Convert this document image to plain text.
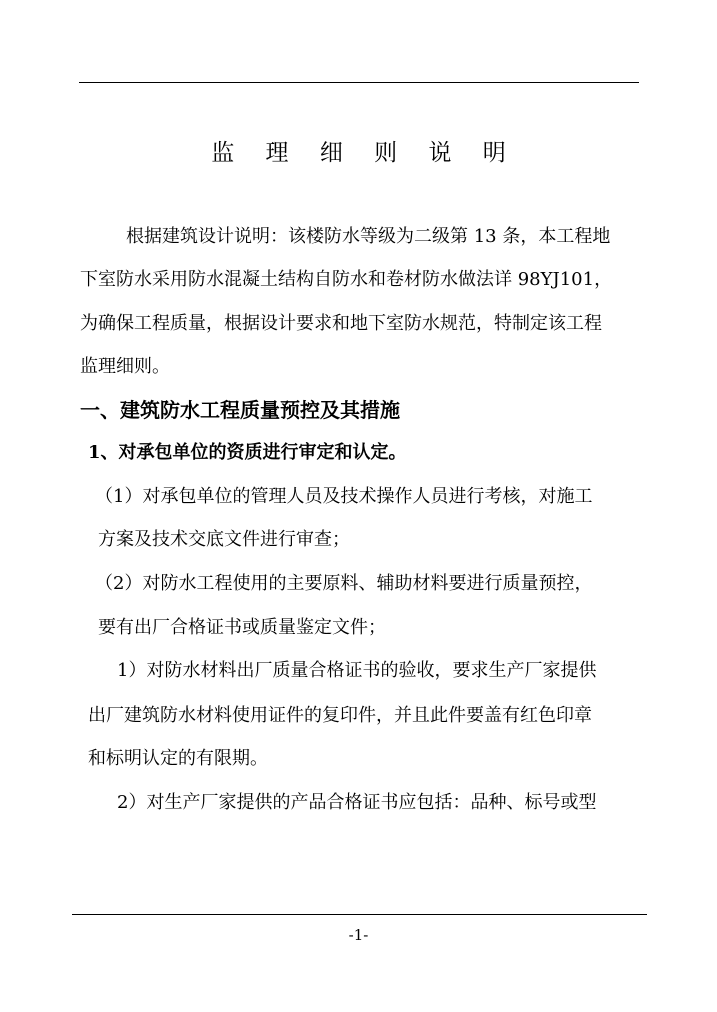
监 理 细 则 说 明
根据建筑设计说明：该楼防水等级为二级第 13 条，本工程地
下室防水采用防水混凝土结构自防水和卷材防水做法详 98YJ101，
为确保工程质量，根据设计要求和地下室防水规范，特制定该工程
监理细则。
一、建筑防水工程质量预控及其措施
1、对承包单位的资质进行审定和认定。
（1）对承包单位的管理人员及技术操作人员进行考核，对施工
方案及技术交底文件进行审查；
（2）对防水工程使用的主要原料、辅助材料要进行质量预控，
要有出厂合格证书或质量鉴定文件；
1）对防水材料出厂质量合格证书的验收，要求生产厂家提供
出厂建筑防水材料使用证件的复印件，并且此件要盖有红色印章
和标明认定的有限期。
2）对生产厂家提供的产品合格证书应包括：品种、标号或型
-1-
